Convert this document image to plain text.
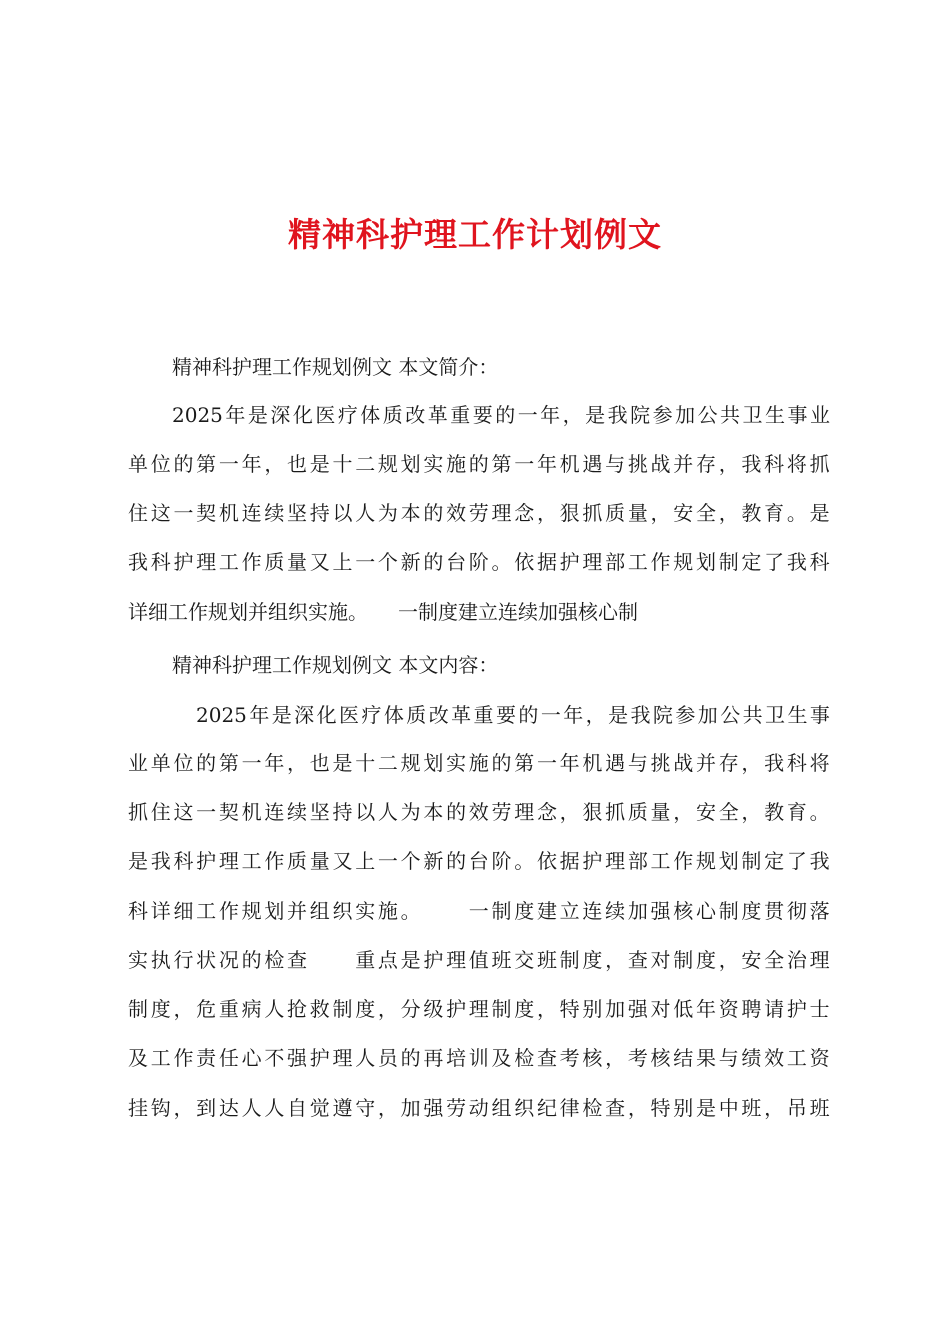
精神科护理工作计划例文
精神科护理工作规划例文 本文简介：
2025 年 是 深 化 医 疗 体 质 改 革 重 要 的 一 年 ， 是 我 院 参 加 公 共 卫 生 事 业
单 位 的 第 一 年 ， 也 是 十 二 规 划 实 施 的 第 一 年 机 遇 与 挑 战 并 存 ， 我 科 将 抓
住 这 一 契 机 连 续 坚 持 以 人 为 本 的 效 劳 理 念 ， 狠 抓 质 量 ， 安 全 ， 教 育 。 是
我 科 护 理 工 作 质 量 又 上 一 个 新 的 台 阶 。 依 据 护 理 部 工 作 规 划 制 定 了 我 科
详细工作规划并组织实施。　　一制度建立连续加强核心制
精神科护理工作规划例文 本文内容：
2025 年 是 深 化 医 疗 体 质 改 革 重 要 的 一 年 ， 是 我 院 参 加 公 共 卫 生 事
业 单 位 的 第 一 年 ， 也 是 十 二 规 划 实 施 的 第 一 年 机 遇 与 挑 战 并 存 ， 我 科 将
抓 住 这 一 契 机 连 续 坚 持 以 人 为 本 的 效 劳 理 念 ， 狠 抓 质 量 ， 安 全 ， 教 育 。
是 我 科 护 理 工 作 质 量 又 上 一 个 新 的 台 阶 。 依 据 护 理 部 工 作 规 划 制 定 了 我
科 详 细 工 作 规 划 并 组 织 实 施 。

　 一 制 度 建 立 连 续 加 强 核 心 制 度 贯 彻 落
实 执 行 状 况 的 检 查

　 重 点 是 护 理 值 班 交 班 制 度 ， 查 对 制 度 ， 安 全 治 理
制 度 ， 危 重 病 人 抢 救 制 度 ， 分 级 护 理 制 度 ， 特 别 加 强 对 低 年 资 聘 请 护 士
及 工 作 责 任 心 不 强 护 理 人 员 的 再 培 训 及 检 查 考 核 ， 考 核 结 果 与 绩 效 工 资
挂 钩 ， 到 达 人 人 自 觉 遵 守 ， 加 强 劳 动 组 织 纪 律 检 查 ， 特 别 是 中 班 ， 吊 班
